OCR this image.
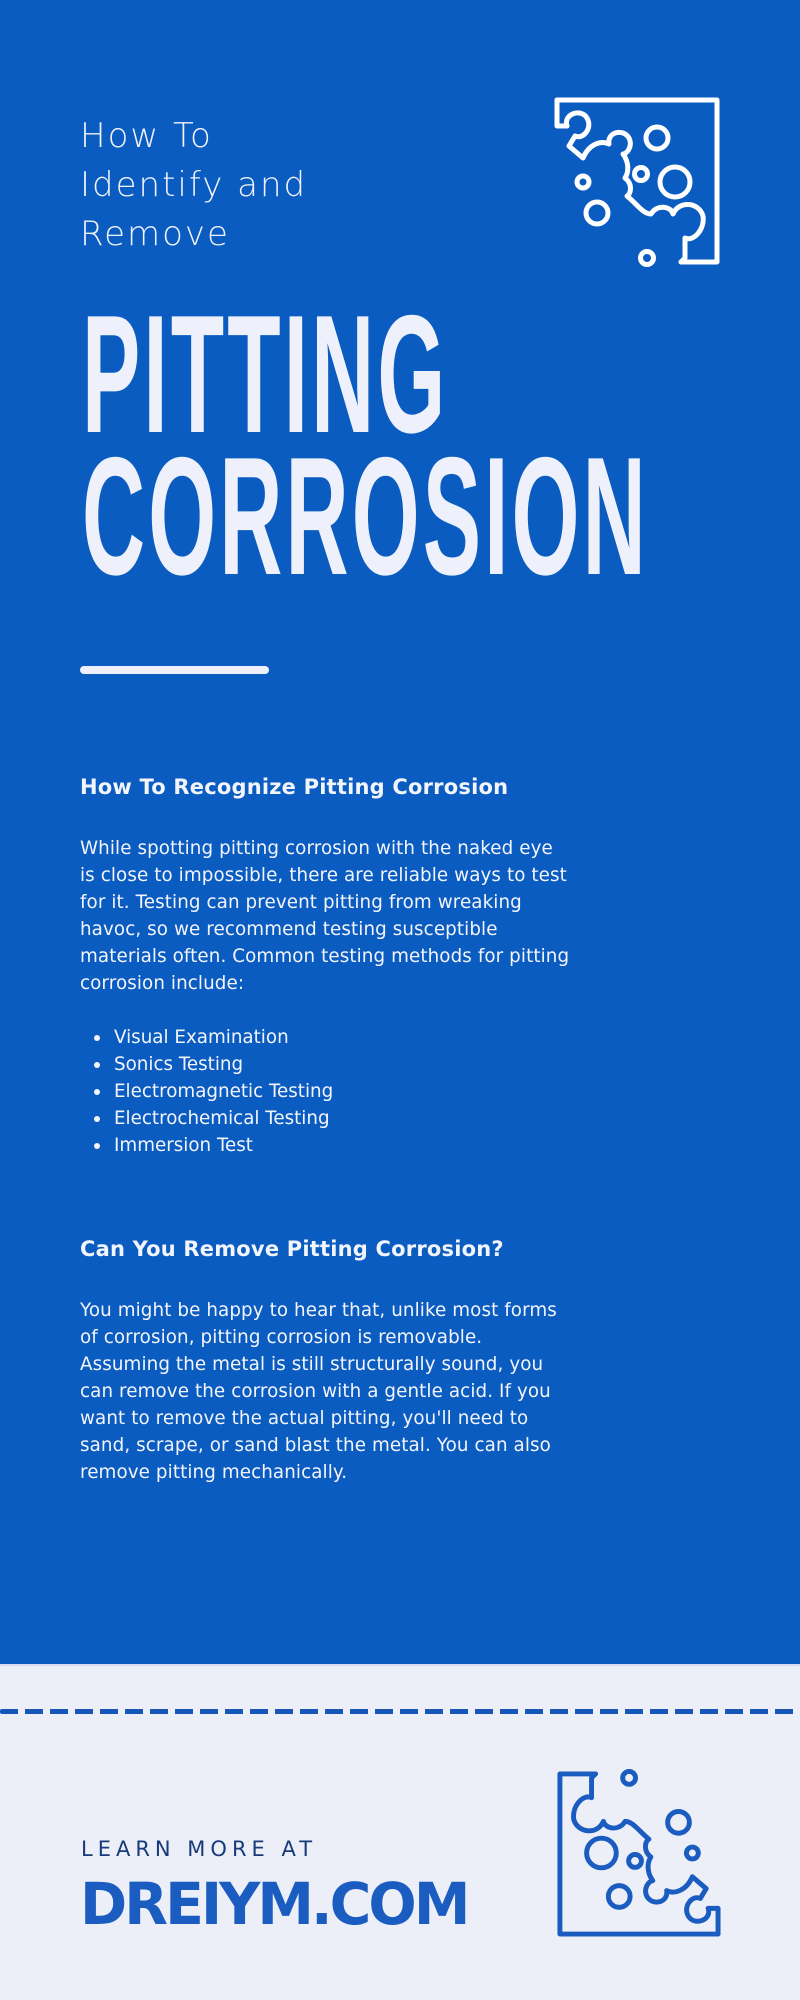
How To
Identify and
Remove
PITTING
CORROSION
How To Recognize Pitting Corrosion

While spotting pitting corrosion with the naked eye is close to impossible, there are reliable ways to test for it. Testing can prevent pitting from wreaking havoc, so we recommend testing susceptible materials often. Common testing methods for pitting corrosion include:

Visual Examination
Sonics Testing
Electromagnetic Testing
Electrochemical Testing
Immersion Test
Can You Remove Pitting Corrosion?

You might be happy to hear that, unlike most forms of corrosion, pitting corrosion is removable. Assuming the metal is still structurally sound, you can remove the corrosion with a gentle acid. If you want to remove the actual pitting, you'll need to sand, scrape, or sand blast the metal. You can also remove pitting mechanically.

LEARN MORE AT
DREIYM.COM
